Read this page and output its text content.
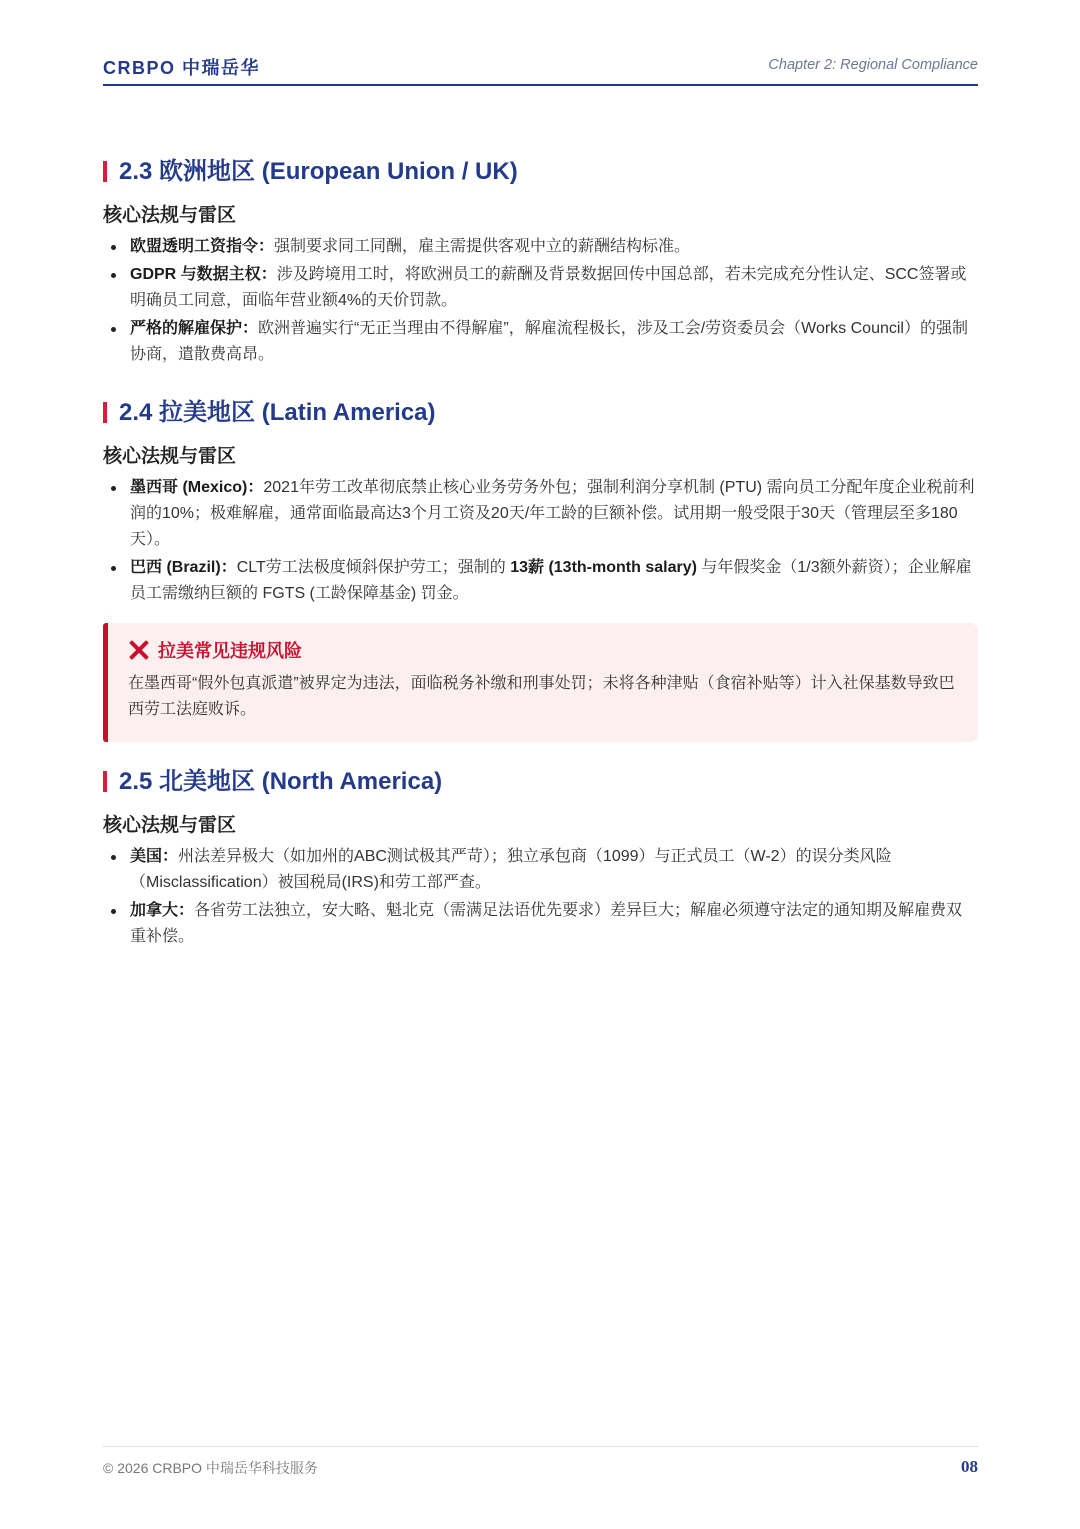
CRBPO 中瑞岳华	Chapter 2: Regional Compliance
2.3 欧洲地区 (European Union / UK)
核心法规与雷区
欧盟透明工资指令：强制要求同工同酬，雇主需提供客观中立的薪酬结构标准。
GDPR 与数据主权：涉及跨境用工时，将欧洲员工的薪酬及背景数据回传中国总部，若未完成充分性认定、SCC签署或明确员工同意，面临年营业额4%的天价罚款。
严格的解雇保护：欧洲普遍实行“无正当理由不得解雇”，解雇流程极长，涉及工会/劳资委员会（Works Council）的强制协商，遣散费高昂。
2.4 拉美地区 (Latin America)
核心法规与雷区
墨西哥 (Mexico)：2021年劳工改革彻底禁止核心业务劳务外包；强制利润分享机制 (PTU) 需向员工分配年度企业税前利润的10%；极难解雇，通常面临最高达3个月工资及20天/年工龄的巨额补偿。试用期一般受限于30天（管理层至多180天）。
巴西 (Brazil)：CLT劳工法极度倾斜保护劳工；强制的 13薪 (13th-month salary) 与年假奖金（1/3额外薪资）；企业解雇员工需缴纳巨额的 FGTS (工龄保障基金) 罚金。
拉美常见违规风险
在墨西哥“假外包真派遣”被界定为违法，面临税务补缴和刑事处罚；未将各种津贴（食宿补贴等）计入社保基数导致巴西劳工法庭败诉。
2.5 北美地区 (North America)
核心法规与雷区
美国：州法差异极大（如加州的ABC测试极其严苛）；独立承包商（1099）与正式员工（W-2）的误分类风险（Misclassification）被国税局(IRS)和劳工部严查。
加拿大：各省劳工法独立，安大略、魁北克（需满足法语优先要求）差异巨大；解雇必须遵守法定的通知期及解雇费双重补偿。
© 2026 CRBPO 中瑞岳华科技服务	08
